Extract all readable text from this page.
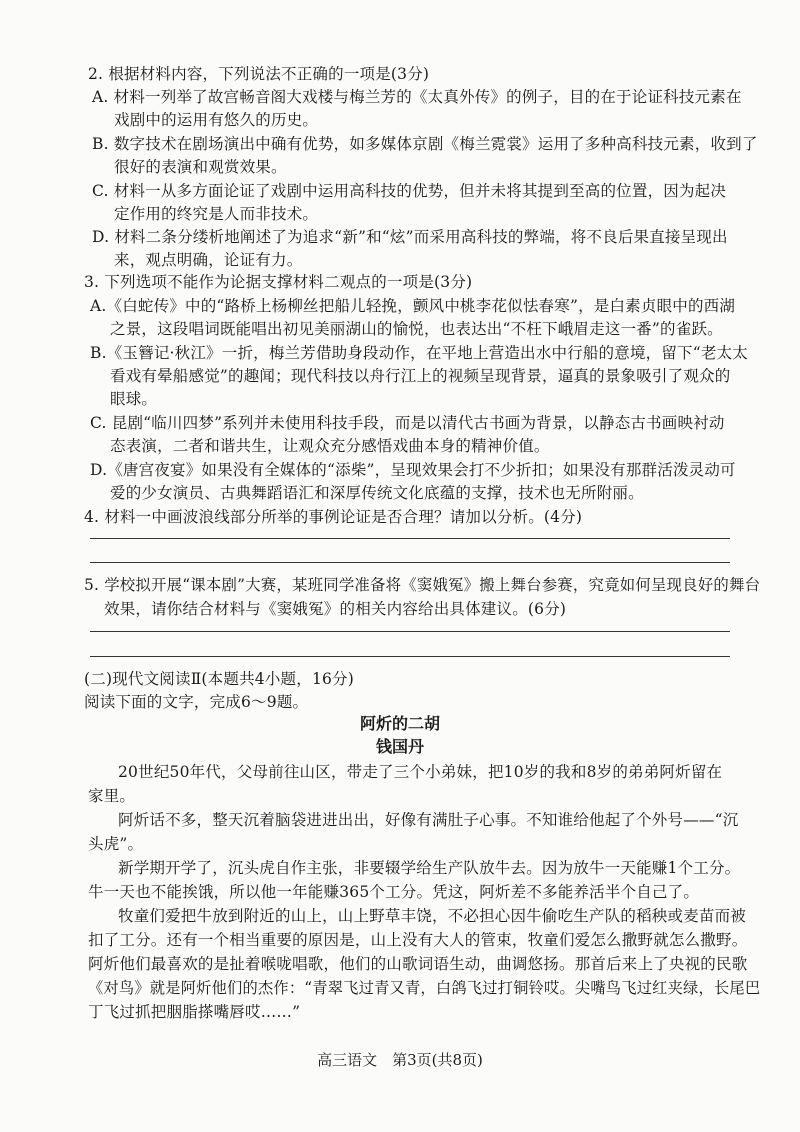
2. 根据材料内容，下列说法不正确的一项是(3分)
A. 材料一列举了故宫畅音阁大戏楼与梅兰芳的《太真外传》的例子，目的在于论证科技元素在
戏剧中的运用有悠久的历史。
B. 数字技术在剧场演出中确有优势，如多媒体京剧《梅兰霓裳》运用了多种高科技元素，收到了
很好的表演和观赏效果。
C. 材料一从多方面论证了戏剧中运用高科技的优势，但并未将其提到至高的位置，因为起决
定作用的终究是人而非技术。
D. 材料二条分缕析地阐述了为追求“新”和“炫”而采用高科技的弊端，将不良后果直接呈现出
来，观点明确，论证有力。
3. 下列选项不能作为论据支撑材料二观点的一项是(3分)
A.《白蛇传》中的“路桥上杨柳丝把船儿轻挽，颤风中桃李花似怯春寒”，是白素贞眼中的西湖
之景，这段唱词既能唱出初见美丽湖山的愉悦，也表达出“不枉下峨眉走这一番”的雀跃。
B.《玉簪记·秋江》一折，梅兰芳借助身段动作，在平地上营造出水中行船的意境，留下“老太太
看戏有晕船感觉”的趣闻；现代科技以舟行江上的视频呈现背景，逼真的景象吸引了观众的
眼球。
C. 昆剧“临川四梦”系列并未使用科技手段，而是以清代古书画为背景，以静态古书画映衬动
态表演，二者和谐共生，让观众充分感悟戏曲本身的精神价值。
D.《唐宫夜宴》如果没有全媒体的“添柴”，呈现效果会打不少折扣；如果没有那群活泼灵动可
爱的少女演员、古典舞蹈语汇和深厚传统文化底蕴的支撑，技术也无所附丽。
4. 材料一中画波浪线部分所举的事例论证是否合理？请加以分析。(4分)
5. 学校拟开展“课本剧”大赛，某班同学准备将《窦娥冤》搬上舞台参赛，究竟如何呈现良好的舞台
效果，请你结合材料与《窦娥冤》的相关内容给出具体建议。(6分)
(二)现代文阅读Ⅱ(本题共4小题，16分)
阅读下面的文字，完成6～9题。
阿炘的二胡
钱国丹
20世纪50年代，父母前往山区，带走了三个小弟妹，把10岁的我和8岁的弟弟阿炘留在
家里。
阿炘话不多，整天沉着脑袋进进出出，好像有满肚子心事。不知谁给他起了个外号——“沉
头虎”。
新学期开学了，沉头虎自作主张，非要辍学给生产队放牛去。因为放牛一天能赚1个工分。
牛一天也不能挨饿，所以他一年能赚365个工分。凭这，阿炘差不多能养活半个自己了。
牧童们爱把牛放到附近的山上，山上野草丰饶，不必担心因牛偷吃生产队的稻秧或麦苗而被
扣了工分。还有一个相当重要的原因是，山上没有大人的管束，牧童们爱怎么撒野就怎么撒野。
阿炘他们最喜欢的是扯着喉咙唱歌，他们的山歌词语生动，曲调悠扬。那首后来上了央视的民歌
《对鸟》就是阿炘他们的杰作：“青翠飞过青又青，白鸽飞过打铜铃哎。尖嘴鸟飞过红夹绿，长尾巴
丁飞过抓把胭脂搽嘴唇哎……”
高三语文　第3页(共8页)
